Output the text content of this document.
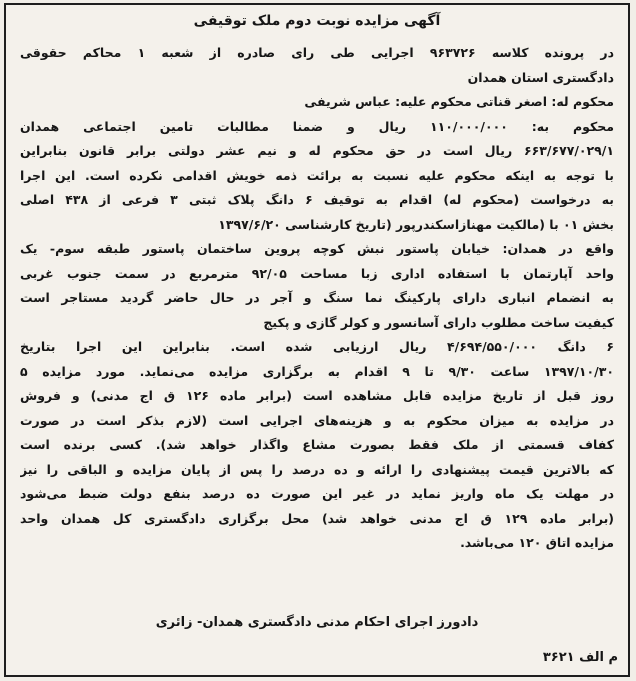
آگهی مزایده نوبت دوم ملک توقیفی
در پرونده کلاسه ۹۶۳۷۲۶ اجرایی طی رای صادره از شعبه ۱ محاکم حقوقی
دادگستری استان همدان
محکوم له: اصغر قناتی محکوم علیه: عباس شریفی
محکوم به: ۱۱۰/۰۰۰/۰۰۰ ریال و ضمنا مطالبات تامین اجتماعی همدان
۶۶۳/۶۷۷/۰۲۹/۱ ریال است در حق محکوم له و نیم عشر دولتی برابر قانون بنابراین
با توجه به اینکه محکوم علیه نسبت به برائت ذمه خویش اقدامی نکرده است. این اجرا
به درخواست (محکوم له) اقدام به توقیف ۶ دانگ پلاک ثبتی ۳ فرعی از ۴۳۸ اصلی
بخش ۰۱ با (مالکیت مهنازاسکندرپور (تاریخ کارشناسی ۱۳۹۷/۶/۲۰
واقع در همدان: خیابان پاستور نبش کوچه پروین ساختمان پاستور طبقه سوم- یک
واحد آپارتمان با استفاده اداری زبا مساحت ۹۲/۰۵ مترمربع در سمت جنوب غربی
به انضمام انباری دارای پارکینگ نما سنگ و آجر در حال حاضر گردید مستاجر است
کیفیت ساخت مطلوب دارای آسانسور و کولر گازی و پکیج
۶ دانگ ۴/۶۹۴/۵۵۰/۰۰۰ ریال ارزیابی شده است. بنابراین این اجرا بتاریخ
۱۳۹۷/۱۰/۳۰ ساعت ۹/۳۰ تا ۹ اقدام به برگزاری مزایده می‌نماید. مورد مزایده ۵
روز قبل از تاریخ مزایده قابل مشاهده است (برابر ماده ۱۲۶ ق اج مدنی) و فروش
در مزایده به میزان محکوم به و هزینه‌های اجرایی است (لازم بذکر است در صورت
کفاف قسمتی از ملک فقط بصورت مشاع واگذار خواهد شد). کسی برنده است
که بالاترین قیمت پیشنهادی را ارائه و ده درصد را پس از پایان مزایده و الباقی را نیز
در مهلت یک ماه واریز نماید در غیر این صورت ده درصد بنفع دولت ضبط می‌شود
(برابر ماده ۱۲۹ ق اج مدنی خواهد شد) محل برگزاری دادگستری کل همدان واحد
مزایده اتاق ۱۲۰ می‌باشد.
دادورز اجرای احکام مدنی دادگستری همدان- زائری
م الف ۳۶۲۱
